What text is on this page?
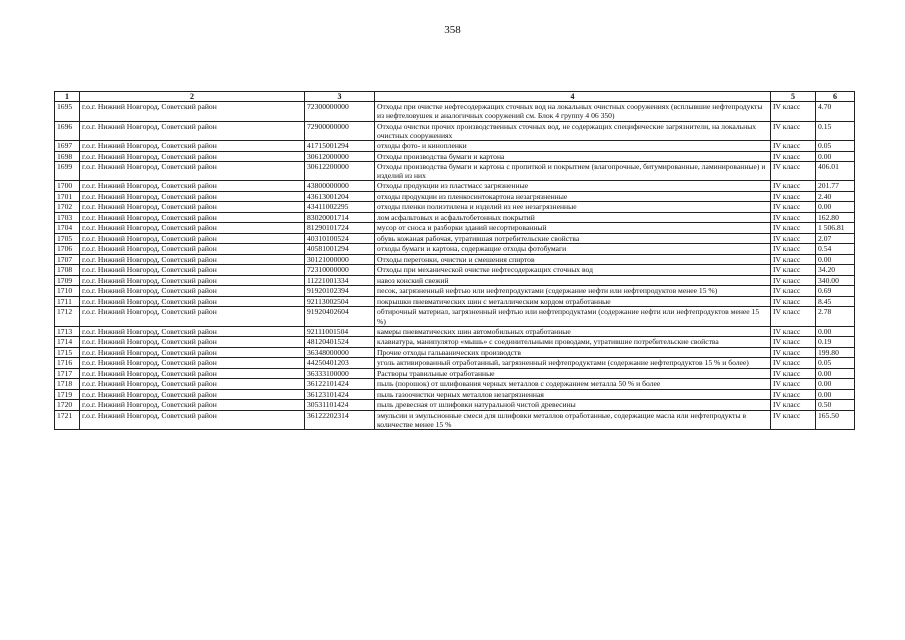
358
1	2	3	4	5	6
1695	г.о.г. Нижний Новгород, Советский район	72300000000	Отходы при очистке нефтесодержащих сточных вод на локальных очистных сооружениях (всплывшие нефтепродукты из нефтеловушек и аналогичных сооружений см. Блок 4 группу 4 06 350)	IV класс	4.70
1696	г.о.г. Нижний Новгород, Советский район	72900000000	Отходы очистки прочих производственных сточных вод, не содержащих специфические загрязнители, на локальных очистных сооружениях	IV класс	0.15
1697	г.о.г. Нижний Новгород, Советский район	41715001294	отходы фото- и кинопленки	IV класс	0.05
1698	г.о.г. Нижний Новгород, Советский район	30612000000	Отходы производства бумаги и картона	IV класс	0.00
1699	г.о.г. Нижний Новгород, Советский район	30612200000	Отходы производства бумаги и картона с пропиткой и покрытием (влагопрочные, битумированные, ламинированные) и изделий из них	IV класс	406.01
1700	г.о.г. Нижний Новгород, Советский район	43800000000	Отходы продукции из пластмасс загрязненные	IV класс	201.77
1701	г.о.г. Нижний Новгород, Советский район	43613001204	отходы продукции из пленкосинтокартона незагрязненные	IV класс	2.40
1702	г.о.г. Нижний Новгород, Советский район	43411002295	отходы пленки полиэтилена и изделий из нее незагрязненные	IV класс	0.00
1703	г.о.г. Нижний Новгород, Советский район	83020001714	лом асфальтовых и асфальтобетонных покрытий	IV класс	162.80
1704	г.о.г. Нижний Новгород, Советский район	81290101724	мусор от сноса и разборки зданий несортированный	IV класс	1 506.81
1705	г.о.г. Нижний Новгород, Советский район	40310100524	обувь кожаная рабочая, утратившая потребительские свойства	IV класс	2.07
1706	г.о.г. Нижний Новгород, Советский район	40581001294	отходы бумаги и картона, содержащие отходы фотобумаги	IV класс	0.54
1707	г.о.г. Нижний Новгород, Советский район	30121000000	Отходы перегонки, очистки и смешения спиртов	IV класс	0.00
1708	г.о.г. Нижний Новгород, Советский район	72310000000	Отходы при механической очистке нефтесодержащих сточных вод	IV класс	34.20
1709	г.о.г. Нижний Новгород, Советский район	11221001334	навоз конский свежий	IV класс	340.00
1710	г.о.г. Нижний Новгород, Советский район	91920102394	песок, загрязненный нефтью или нефтепродуктами (содержание нефти или нефтепродуктов менее 15 %)	IV класс	0.69
1711	г.о.г. Нижний Новгород, Советский район	92113002504	покрышки пневматических шин с металлическим кордом отработанные	IV класс	8.45
1712	г.о.г. Нижний Новгород, Советский район	91920402604	обтирочный материал, загрязненный нефтью или нефтепродуктами (содержание нефти или нефтепродуктов менее 15 %)	IV класс	2.78
1713	г.о.г. Нижний Новгород, Советский район	92111001504	камеры пневматических шин автомобильных отработанные	IV класс	0.00
1714	г.о.г. Нижний Новгород, Советский район	48120401524	клавиатура, манипулятор «мышь» с соединительными проводами, утратившие потребительские свойства	IV класс	0.19
1715	г.о.г. Нижний Новгород, Советский район	36348000000	Прочие отходы гальванических производств	IV класс	199.80
1716	г.о.г. Нижний Новгород, Советский район	44250401203	уголь активированный отработанный, загрязненный нефтепродуктами (содержание нефтепродуктов 15 % и более)	IV класс	0.05
1717	г.о.г. Нижний Новгород, Советский район	36333100000	Растворы травильные отработанные	IV класс	0.00
1718	г.о.г. Нижний Новгород, Советский район	36122101424	пыль (порошок) от шлифования черных металлов с содержанием металла 50 % и более	IV класс	0.00
1719	г.о.г. Нижний Новгород, Советский район	36123101424	пыль газоочистки черных металлов незагрязненная	IV класс	0.00
1720	г.о.г. Нижний Новгород, Советский район	30531101424	пыль древесная от шлифовки натуральной чистой древесины	IV класс	0.50
1721	г.о.г. Нижний Новгород, Советский район	36122202314	эмульсии и эмульсионные смеси для шлифовки металлов отработанные, содержащие масла или нефтепродукты в количестве менее 15 %	IV класс	165.50
